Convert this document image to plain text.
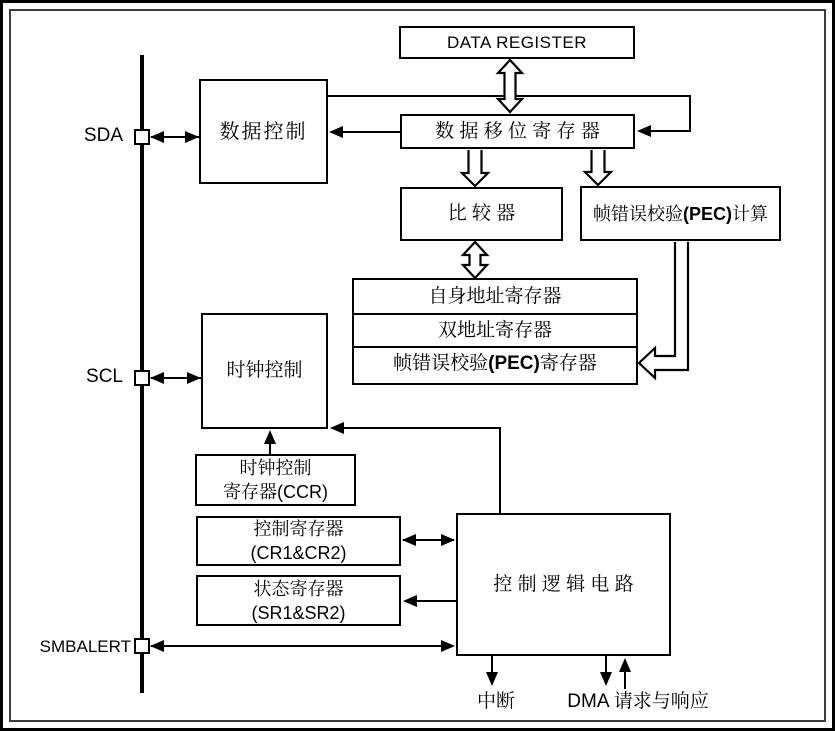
SDA
SCL
SMBALERT
DATA REGISTER
数据控制	数 据 移 位 寄 存 器
比 较 器	帧错误校验 (PEC) 计算
自身地址寄存器
双地址寄存器
帧错误校验 (PEC) 寄存器
时钟控制
时钟控制
寄存器(CCR)
控制寄存器
(CR1&CR2)
状态寄存器
(SR1&SR2)
控 制 逻 辑 电 路
中断	DMA 请求与响应
